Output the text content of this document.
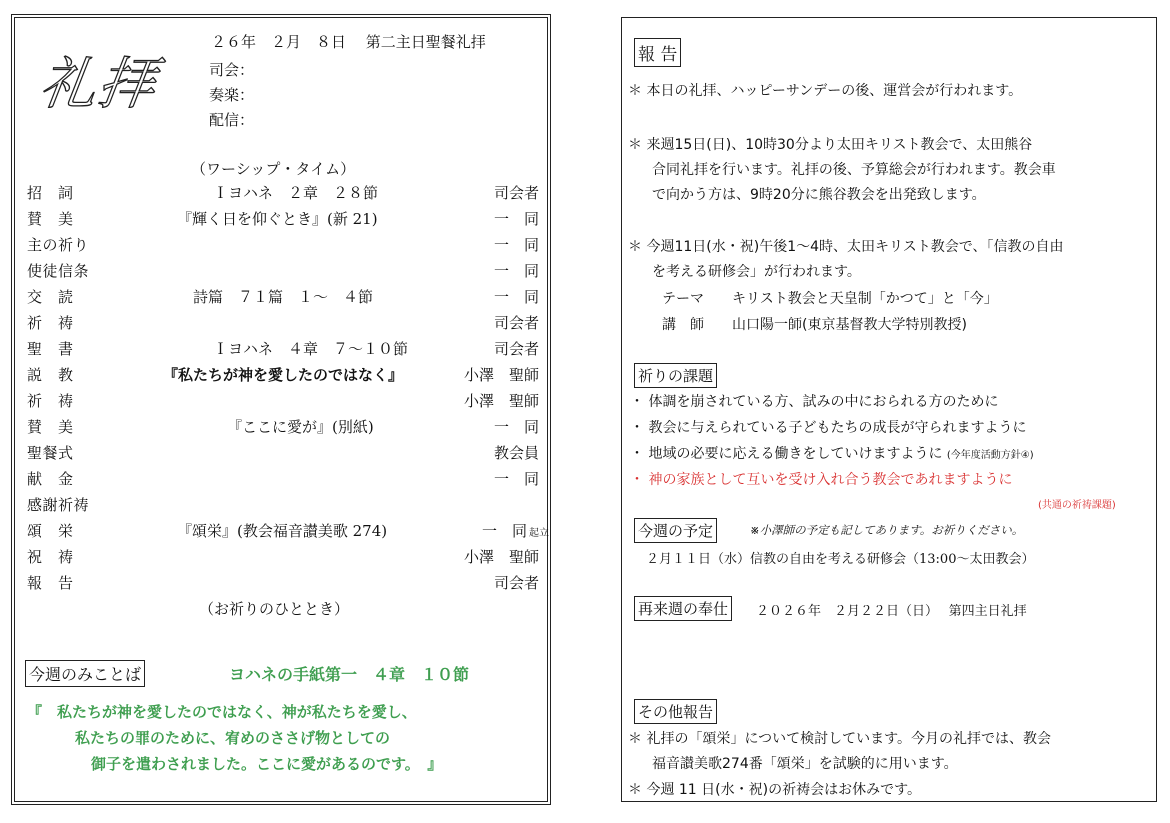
礼拝
２６年　２月　８日　 第二主日聖餐礼拝
司会：
奏楽：
配信：
（ワーシップ・タイム）
招　詞	Ｉヨハネ　２章　２８節	司会者
賛　美	『輝く日を仰ぐとき』(新 21)	一　同
主の祈り	一　同
使徒信条	一　同
交　読	詩篇　７１篇　１～　４節	一　同
祈　祷	司会者
聖　書	Ｉヨハネ　４章　７～１０節	司会者
説　教	『私たちが神を愛したのではなく』	小澤　聖師
祈　祷	小澤　聖師
賛　美	『ここに愛が』(別紙)	一　同
聖餐式	教会員
献　金	一　同
感謝祈祷
起立
頌　栄	『頌栄』(教会福音讃美歌 274)	一　同
祝　祷	小澤　聖師
報　告	司会者
（お祈りのひととき）
今週のみことば	ヨハネの手紙第一　４章　１０節
『　私たちが神を愛したのではなく、神が私たちを愛し、
私たちの罪のために、宥めのささげ物としての
御子を遣わされました。ここに愛があるのです。　』
報 告
＊ 本日の礼拝、ハッピーサンデーの後、運営会が行われます。
＊ 来週15日(日)、10時30分より太田キリスト教会で、太田熊谷
合同礼拝を行います。礼拝の後、予算総会が行われます。教会車
で向かう方は、9時20分に熊谷教会を出発致します。
＊ 今週11日(水・祝)午後1～4時、太田キリスト教会で、「信教の自由
を考える研修会」が行われます。
テーマ キリスト教会と天皇制「かつて」と「今」
講　師 山口陽一師(東京基督教大学特別教授)
祈りの課題
・ 体調を崩されている方、試みの中におられる方のために
・ 教会に与えられている子どもたちの成長が守られますように
・ 地域の必要に応える働きをしていけますように (今年度活動方針④)
・ 神の家族として互いを受け入れ合う教会であれますように
(共通の祈祷課題)
今週の予定	※小澤師の予定も記してあります。お祈りください。
２月１１日（水）信教の自由を考える研修会（13:00～太田教会）
再来週の奉仕	２０２６年　２月２２日（日）　 第四主日礼拝
その他報告
＊ 礼拝の「頌栄」について検討しています。今月の礼拝では、教会
福音讃美歌274番「頌栄」を試験的に用います。
＊ 今週 11 日(水・祝)の祈祷会はお休みです。
